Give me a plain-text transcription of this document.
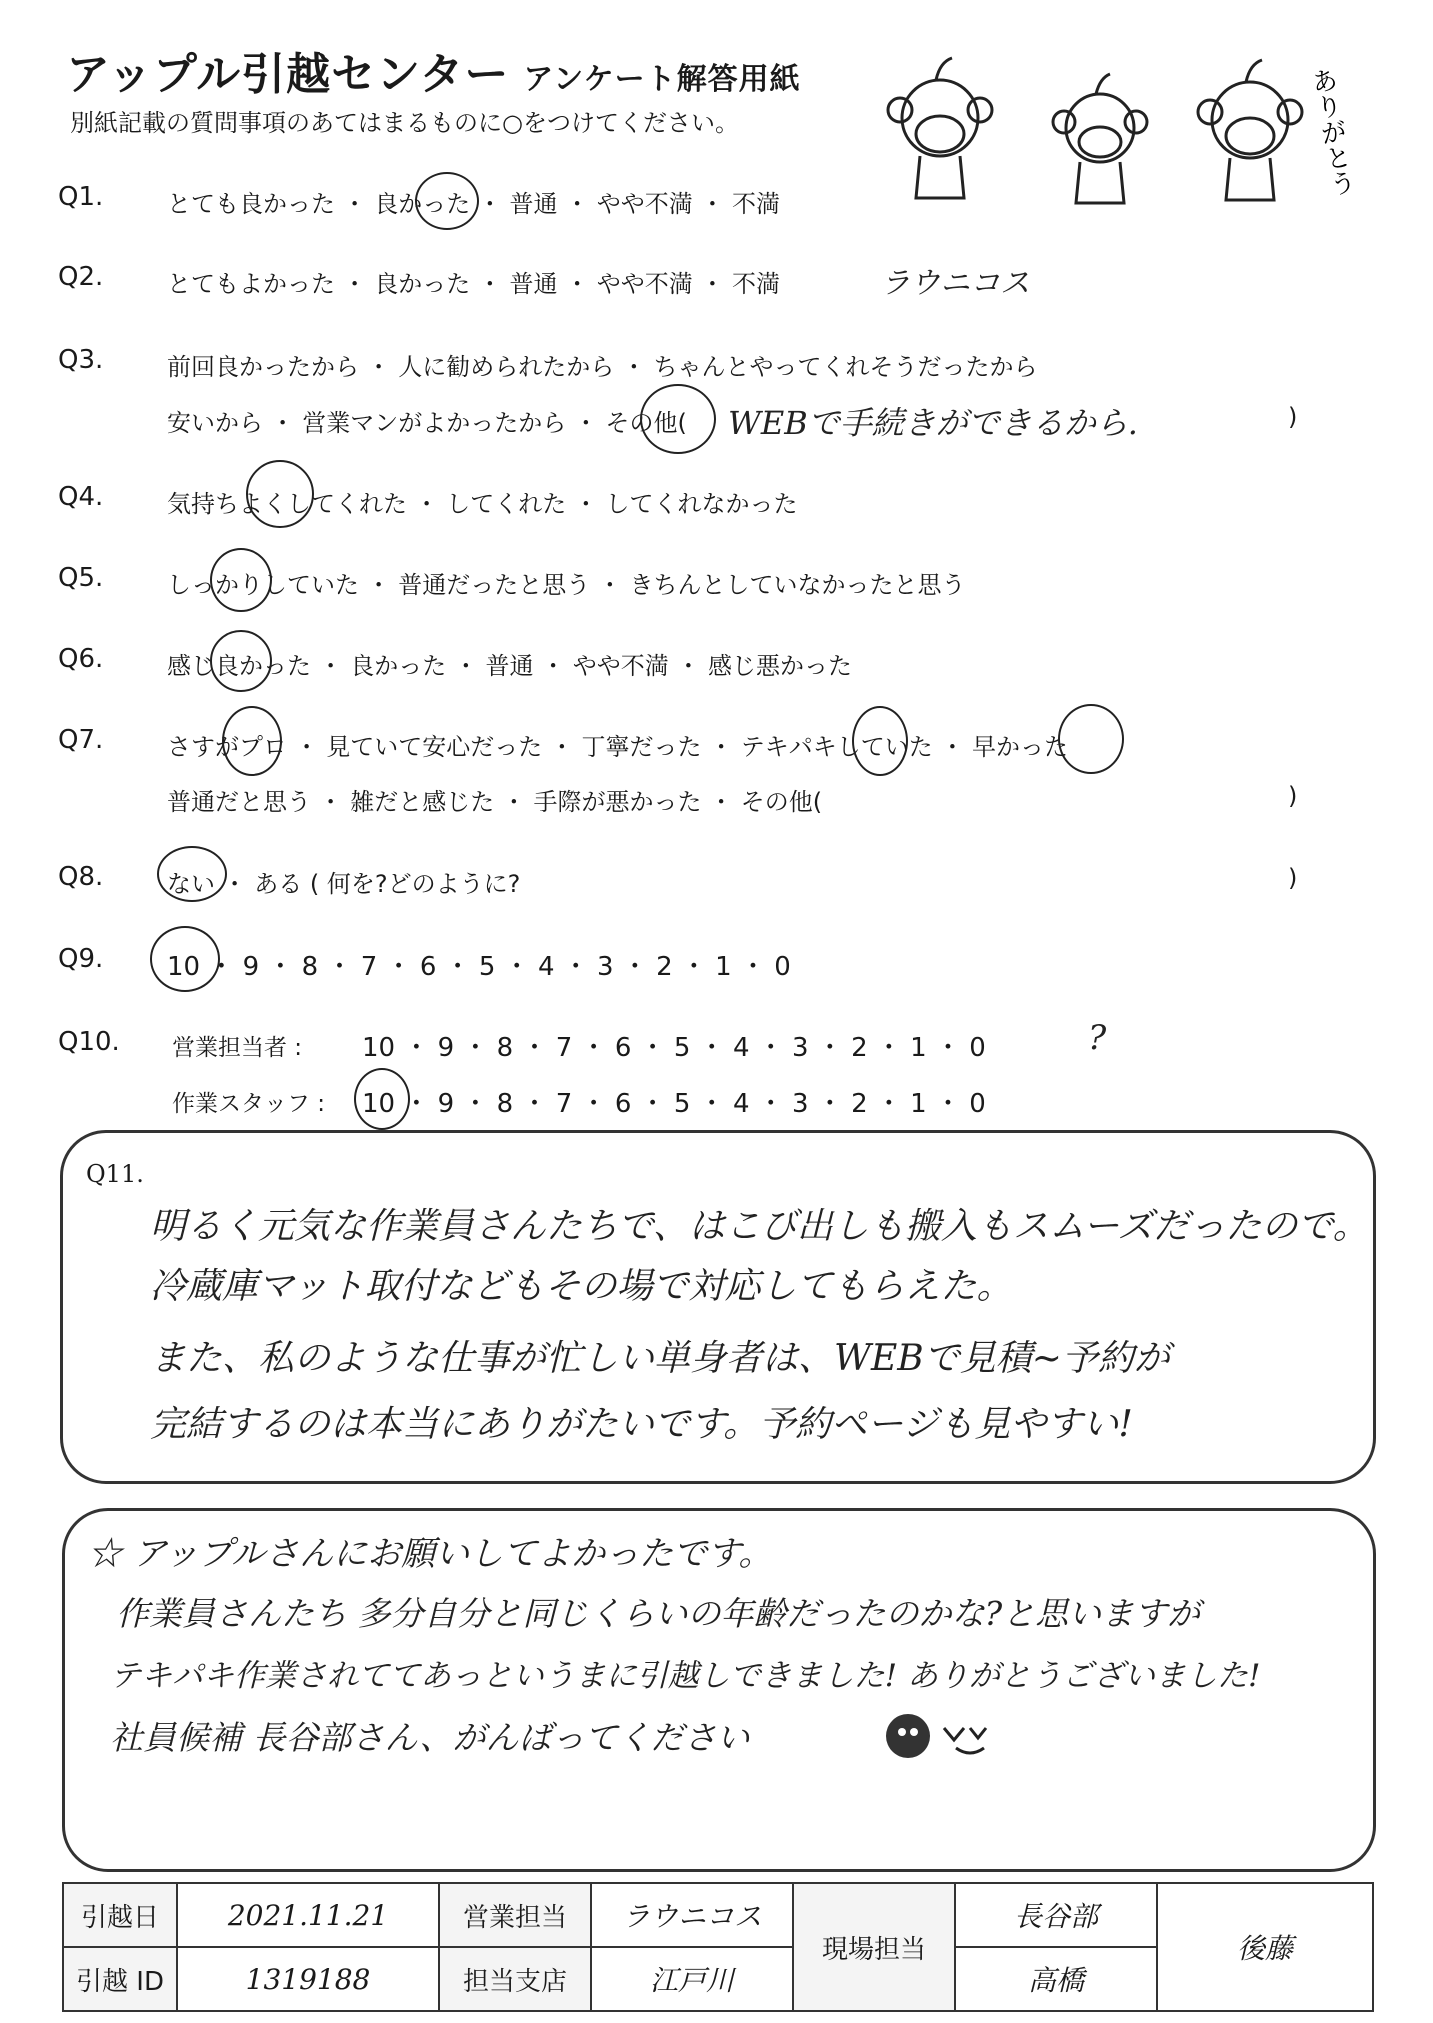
アップル引越センター アンケート解答用紙
別紙記載の質問事項のあてはまるものに○をつけてください。	ありがとう
Q1.	とても良かった ・ 良かった ・ 普通 ・ やや不満 ・ 不満
Q2.	とてもよかった ・ 良かった ・ 普通 ・ やや不満 ・ 不満	ラウニコス
Q3.	前回良かったから ・ 人に勧められたから ・ ちゃんとやってくれそうだったから
安いから ・ 営業マンがよかったから ・ その他( WEBで手続きができるから.	)
Q4.	気持ちよくしてくれた ・ してくれた ・ してくれなかった
Q5.	しっかりしていた ・ 普通だったと思う ・ きちんとしていなかったと思う
Q6.	感じ良かった ・ 良かった ・ 普通 ・ やや不満 ・ 感じ悪かった
Q7.	さすがプロ ・ 見ていて安心だった ・ 丁寧だった ・ テキパキしていた ・ 早かった
普通だと思う ・ 雑だと感じた ・ 手際が悪かった ・ その他(	)
Q8.	ない ・ ある ( 何を?どのように?	)
Q9. 10 ・ 9 ・ 8 ・ 7 ・ 6 ・ 5 ・ 4 ・ 3 ・ 2 ・ 1 ・ 0
Q10. 営業担当者 : 10 ・ 9 ・ 8 ・ 7 ・ 6 ・ 5 ・ 4 ・ 3 ・ 2 ・ 1 ・ 0	?
作業スタッフ : 10 ・ 9 ・ 8 ・ 7 ・ 6 ・ 5 ・ 4 ・ 3 ・ 2 ・ 1 ・ 0
Q11.
明るく元気な作業員さんたちで、はこび出しも搬入もスムーズだったので。
冷蔵庫マット取付などもその場で対応してもらえた。
また、私のような仕事が忙しい単身者は、WEBで見積~予約が
完結するのは本当にありがたいです。予約ページも見やすい!
☆ アップルさんにお願いしてよかったです。
作業員さんたち 多分自分と同じくらいの年齢だったのかな?と思いますが
テキパキ作業されててあっというまに引越しできました! ありがとうございました!
社員候補 長谷部さん、がんばってください
引越日	2021.11.21	営業担当	ラウニコス	現場担当	長谷部	後藤
引越 ID	1319188	担当支店	江戸川		高橋	
